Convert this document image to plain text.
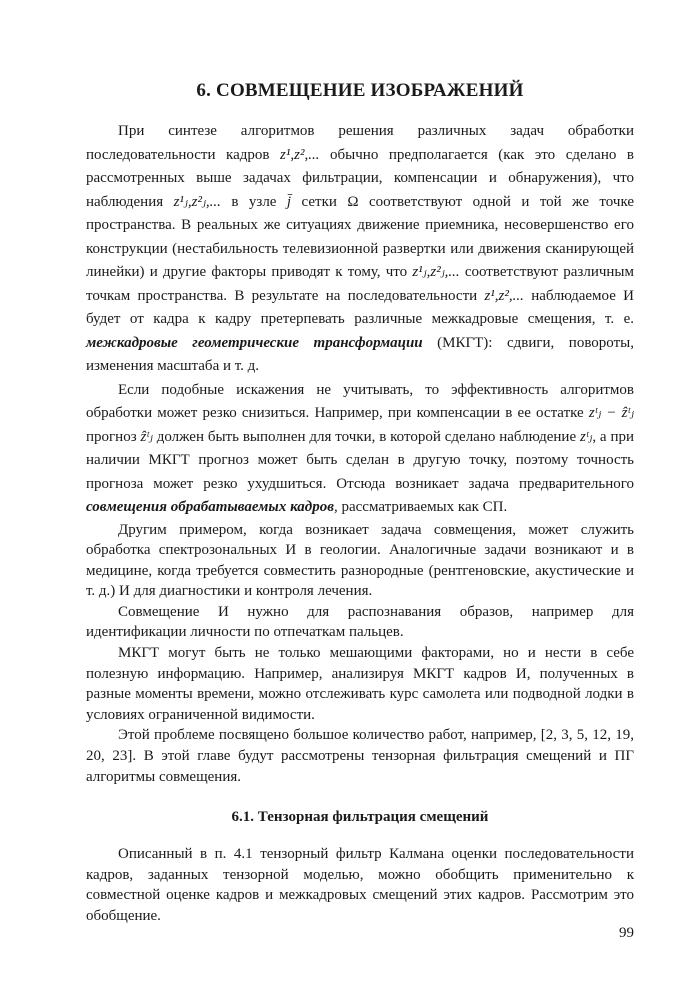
6. СОВМЕЩЕНИЕ ИЗОБРАЖЕНИЙ

При синтезе алгоритмов решения различных задач обработки последовательности кадров z¹,z²,... обычно предполагается (как это сделано в рассмотренных выше задачах фильтрации, компенсации и обнаружения), что наблюдения z¹ⱼ,z²ⱼ,... в узле j̄ сетки Ω соответствуют одной и той же точке пространства. В реальных же ситуациях движение приемника, несовершенство его конструкции (нестабильность телевизионной развертки или движения сканирующей линейки) и другие факторы приводят к тому, что z¹ⱼ,z²ⱼ,... соответствуют различным точкам пространства. В результате на последовательности z¹,z²,... наблюдаемое И будет от кадра к кадру претерпевать различные межкадровые смещения, т. е. межкадровые геометрические трансформации (МКГТ): сдвиги, повороты, изменения масштаба и т. д.

Если подобные искажения не учитывать, то эффективность алгоритмов обработки может резко снизиться. Например, при компенсации в ее остатке zᵗⱼ − ẑᵗⱼ прогноз ẑᵗⱼ должен быть выполнен для точки, в которой сделано наблюдение zᵗⱼ, а при наличии МКГТ прогноз может быть сделан в другую точку, поэтому точность прогноза может резко ухудшиться. Отсюда возникает задача предварительного совмещения обрабатываемых кадров, рассматриваемых как СП.

Другим примером, когда возникает задача совмещения, может служить обработка спектрозональных И в геологии. Аналогичные задачи возникают и в медицине, когда требуется совместить разнородные (рентгеновские, акустические и т. д.) И для диагностики и контроля лечения.

Совмещение И нужно для распознавания образов, например для идентификации личности по отпечаткам пальцев.

МКГТ могут быть не только мешающими факторами, но и нести в себе полезную информацию. Например, анализируя МКГТ кадров И, полученных в разные моменты времени, можно отслеживать курс самолета или подводной лодки в условиях ограниченной видимости.

Этой проблеме посвящено большое количество работ, например, [2, 3, 5, 12, 19, 20, 23]. В этой главе будут рассмотрены тензорная фильтрация смещений и ПГ алгоритмы совмещения.

6.1. Тензорная фильтрация смещений

Описанный в п. 4.1 тензорный фильтр Калмана оценки последовательности кадров, заданных тензорной моделью, можно обобщить применительно к совместной оценке кадров и межкадровых смещений этих кадров. Рассмотрим это обобщение.

99
